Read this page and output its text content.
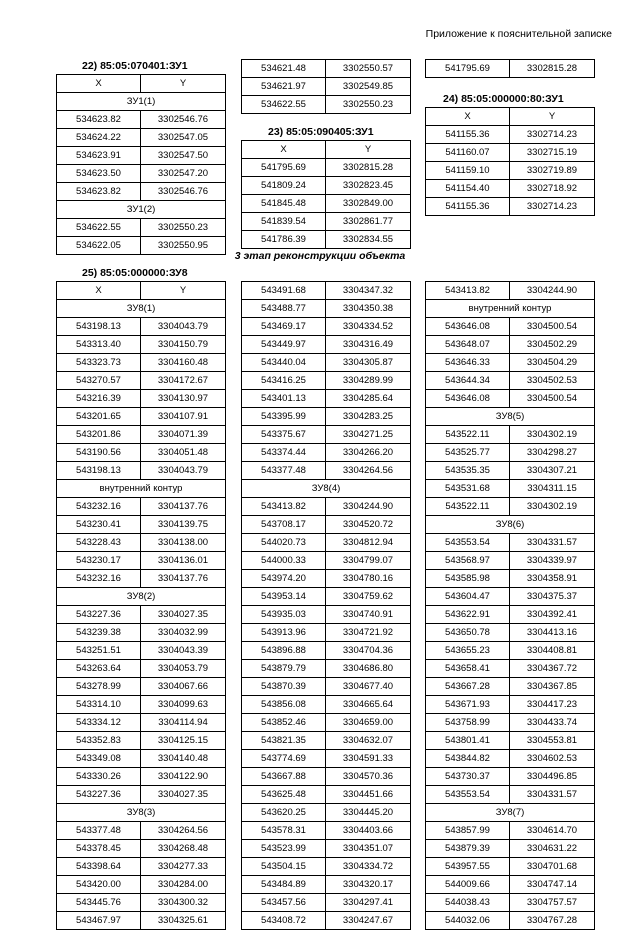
Приложение к пояснительной записке
22) 85:05:070401:ЗУ1
X	Y
ЗУ1(1)	
534623.82	3302546.76
534624.22	3302547.05
534623.91	3302547.50
534623.50	3302547.20
534623.82	3302546.76
ЗУ1(2)	
534622.55	3302550.23
534622.05	3302550.95
534621.48	3302550.57
534621.97	3302549.85
534622.55	3302550.23
23) 85:05:090405:ЗУ1
X	Y
541795.69	3302815.28
541809.24	3302823.45
541845.48	3302849.00
541839.54	3302861.77
541786.39	3302834.55
541795.69	3302815.28
24) 85:05:000000:80:ЗУ1
X	Y
541155.36	3302714.23
541160.07	3302715.19
541159.10	3302719.89
541154.40	3302718.92
541155.36	3302714.23
3 этап реконструкции объекта
25) 85:05:000000:ЗУ8
X	Y
ЗУ8(1)	
543198.13	3304043.79
543313.40	3304150.79
543323.73	3304160.48
543270.57	3304172.67
543216.39	3304130.97
543201.65	3304107.91
543201.86	3304071.39
543190.56	3304051.48
543198.13	3304043.79
внутренний контур	
543232.16	3304137.76
543230.41	3304139.75
543228.43	3304138.00
543230.17	3304136.01
543232.16	3304137.76
ЗУ8(2)	
543227.36	3304027.35
543239.38	3304032.99
543251.51	3304043.39
543263.64	3304053.79
543278.99	3304067.66
543314.10	3304099.63
543334.12	3304114.94
543352.83	3304125.15
543349.08	3304140.48
543330.26	3304122.90
543227.36	3304027.35
ЗУ8(3)	
543377.48	3304264.56
543378.45	3304268.48
543398.64	3304277.33
543420.00	3304284.00
543445.76	3304300.32
543467.97	3304325.61
543491.68	3304347.32
543488.77	3304350.38
543469.17	3304334.52
543449.97	3304316.49
543440.04	3304305.87
543416.25	3304289.99
543401.13	3304285.64
543395.99	3304283.25
543375.67	3304271.25
543374.44	3304266.20
543377.48	3304264.56
ЗУ8(4)	
543413.82	3304244.90
543708.17	3304520.72
544020.73	3304812.94
544000.33	3304799.07
543974.20	3304780.16
543953.14	3304759.62
543935.03	3304740.91
543913.96	3304721.92
543896.88	3304704.36
543879.79	3304686.80
543870.39	3304677.40
543856.08	3304665.64
543852.46	3304659.00
543821.35	3304632.07
543774.69	3304591.33
543667.88	3304570.36
543625.48	3304451.66
543620.25	3304445.20
543578.31	3304403.66
543523.99	3304351.07
543504.15	3304334.72
543484.89	3304320.17
543457.56	3304297.41
543408.72	3304247.67
543413.82	3304244.90
внутренний контур	
543646.08	3304500.54
543648.07	3304502.29
543646.33	3304504.29
543644.34	3304502.53
543646.08	3304500.54
ЗУ8(5)	
543522.11	3304302.19
543525.77	3304298.27
543535.35	3304307.21
543531.68	3304311.15
543522.11	3304302.19
ЗУ8(6)	
543553.54	3304331.57
543568.97	3304339.97
543585.98	3304358.91
543604.47	3304375.37
543622.91	3304392.41
543650.78	3304413.16
543655.23	3304408.81
543658.41	3304367.72
543667.28	3304367.85
543671.93	3304417.23
543758.99	3304433.74
543801.41	3304553.81
543844.82	3304602.53
543730.37	3304496.85
543553.54	3304331.57
ЗУ8(7)	
543857.99	3304614.70
543879.39	3304631.22
543957.55	3304701.68
544009.66	3304747.14
544038.43	3304757.57
544032.06	3304767.28
